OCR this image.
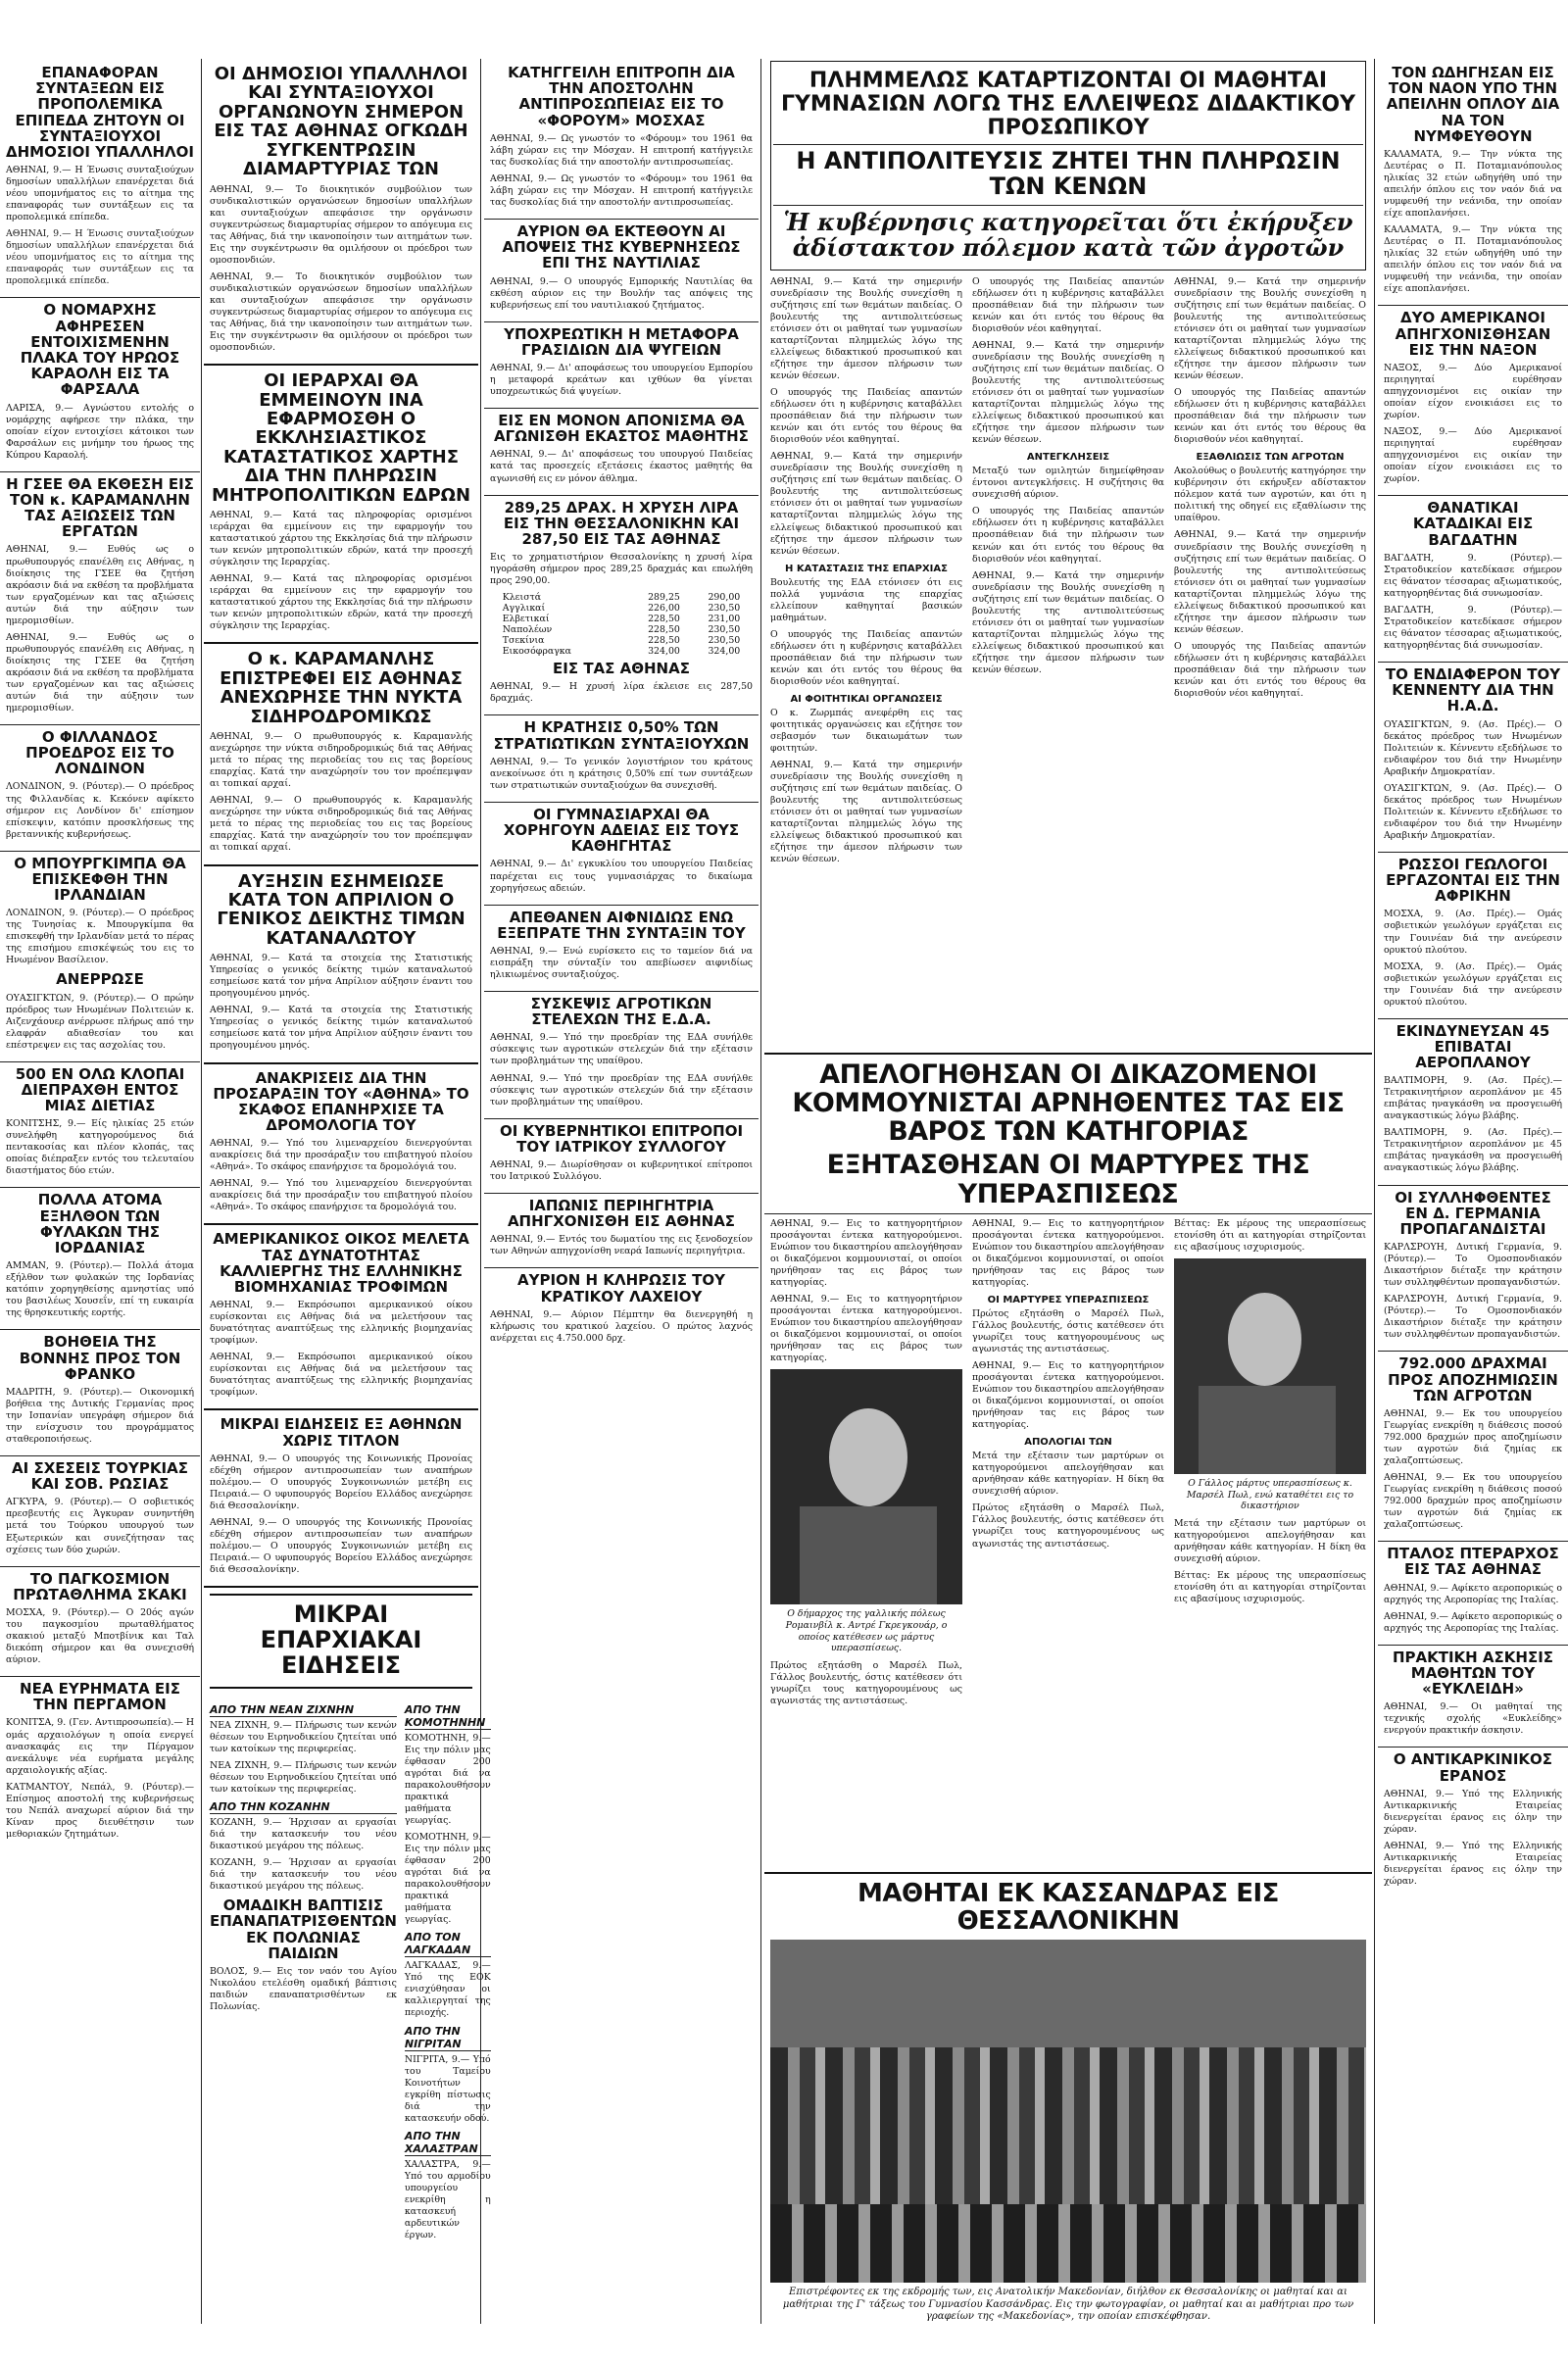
ΕΠΑΝΑΦΟΡΑΝ ΣΥΝΤΑΞΕΩΝ ΕΙΣ ΠΡΟΠΟΛΕΜΙΚΑ ΕΠΙΠΕΔΑ ΖΗΤΟΥΝ ΟΙ ΣΥΝΤΑΞΙΟΥΧΟΙ ΔΗΜΟΣΙΟΙ ΥΠΑΛΛΗΛΟΙ

ΑΘΗΝΑΙ, 9.— Η Ένωσις συνταξιούχων δημοσίων υπαλλήλων επανέρχεται διά νέου υπομνήματος εις το αίτημα της επαναφοράς των συντάξεων εις τα προπολεμικά επίπεδα.

ΑΘΗΝΑΙ, 9.— Η Ένωσις συνταξιούχων δημοσίων υπαλλήλων επανέρχεται διά νέου υπομνήματος εις το αίτημα της επαναφοράς των συντάξεων εις τα προπολεμικά επίπεδα.

Ο ΝΟΜΑΡΧΗΣ ΑΦΗΡΕΣΕΝ ΕΝΤΟΙΧΙΣΜΕΝΗΝ ΠΛΑΚΑ ΤΟΥ ΗΡΩΟΣ ΚΑΡΑΟΛΗ ΕΙΣ ΤΑ ΦΑΡΣΑΛΑ

ΛΑΡΙΣΑ, 9.— Αγνώστου εντολής ο νομάρχης αφήρεσε την πλάκα, την οποίαν είχον εντοιχίσει κάτοικοι των Φαρσάλων εις μνήμην του ήρωος της Κύπρου Καραολή.

Η ΓΣΕΕ ΘΑ ΕΚΘΕΣΗ ΕΙΣ ΤΟΝ κ. ΚΑΡΑΜΑΝΛΗΝ ΤΑΣ ΑΞΙΩΣΕΙΣ ΤΩΝ ΕΡΓΑΤΩΝ

ΑΘΗΝΑΙ, 9.— Ευθύς ως ο πρωθυπουργός επανέλθη εις Αθήνας, η διοίκησις της ΓΣΕΕ θα ζητήση ακρόασιν διά να εκθέση τα προβλήματα των εργαζομένων και τας αξιώσεις αυτών διά την αύξησιν των ημερομισθίων.

ΑΘΗΝΑΙ, 9.— Ευθύς ως ο πρωθυπουργός επανέλθη εις Αθήνας, η διοίκησις της ΓΣΕΕ θα ζητήση ακρόασιν διά να εκθέση τα προβλήματα των εργαζομένων και τας αξιώσεις αυτών διά την αύξησιν των ημερομισθίων.

Ο ΦΙΛΛΑΝΔΟΣ ΠΡΟΕΔΡΟΣ ΕΙΣ ΤΟ ΛΟΝΔΙΝΟΝ

ΛΟΝΔΙΝΟΝ, 9. (Ρόυτερ).— Ο πρόεδρος της Φιλλανδίας κ. Κεκόνεν αφίκετο σήμερον εις Λονδίνον δι' επίσημον επίσκεψιν, κατόπιν προσκλήσεως της βρεταννικής κυβερνήσεως.

Ο ΜΠΟΥΡΓΚΙΜΠΑ ΘΑ ΕΠΙΣΚΕΦΘΗ ΤΗΝ ΙΡΛΑΝΔΙΑΝ

ΛΟΝΔΙΝΟΝ, 9. (Ρόυτερ).— Ο πρόεδρος της Τυνησίας κ. Μπουργκίμπα θα επισκεφθή την Ιρλανδίαν μετά το πέρας της επισήμου επισκέψεώς του εις το Ηνωμένον Βασίλειον.

ΑΝΕΡΡΩΣΕ

ΟΥΑΣΙΓΚΤΩΝ, 9. (Ρόυτερ).— Ο πρώην πρόεδρος των Ηνωμένων Πολιτειών κ. Αιζενχάουερ ανέρρωσε πλήρως από την ελαφράν αδιαθεσίαν του και επέστρεψεν εις τας ασχολίας του.

500 ΕΝ ΟΛΩ ΚΛΟΠΑΙ ΔΙΕΠΡΑΧΘΗ ΕΝΤΟΣ ΜΙΑΣ ΔΙΕΤΙΑΣ

ΚΟΝΙΤΣΗΣ, 9.— Είς ηλικίας 25 ετών συνελήφθη κατηγορούμενος διά πεντακοσίας και πλέον κλοπάς, τας οποίας διέπραξεν εντός του τελευταίου διαστήματος δύο ετών.

ΠΟΛΛΑ ΑΤΟΜΑ ΕΞΗΛΘΟΝ ΤΩΝ ΦΥΛΑΚΩΝ ΤΗΣ ΙΟΡΔΑΝΙΑΣ

ΑΜΜΑΝ, 9. (Ρόυτερ).— Πολλά άτομα εξήλθον των φυλακών της Ιορδανίας κατόπιν χορηγηθείσης αμνηστίας υπό του βασιλέως Χουσεΐν, επί τη ευκαιρία της θρησκευτικής εορτής.

ΒΟΗΘΕΙΑ ΤΗΣ ΒΟΝΝΗΣ ΠΡΟΣ ΤΟΝ ΦΡΑΝΚΟ

ΜΑΔΡΙΤΗ, 9. (Ρόυτερ).— Οικονομική βοήθεια της Δυτικής Γερμανίας προς την Ισπανίαν υπεγράφη σήμερον διά την ενίσχυσιν του προγράμματος σταθεροποιήσεως.

ΑΙ ΣΧΕΣΕΙΣ ΤΟΥΡΚΙΑΣ ΚΑΙ ΣΟΒ. ΡΩΣΙΑΣ

ΑΓΚΥΡΑ, 9. (Ρόυτερ).— Ο σοβιετικός πρεσβευτής εις Άγκυραν συνηντήθη μετά του Τούρκου υπουργού των Εξωτερικών και συνεζήτησαν τας σχέσεις των δύο χωρών.

ΤΟ ΠΑΓΚΟΣΜΙΟΝ ΠΡΩΤΑΘΛΗΜΑ ΣΚΑΚΙ

ΜΟΣΧΑ, 9. (Ρόυτερ).— Ο 20ός αγών του παγκοσμίου πρωταθλήματος σκακιού μεταξύ Μποτβίνικ και Ταλ διεκόπη σήμερον και θα συνεχισθή αύριον.

ΝΕΑ ΕΥΡΗΜΑΤΑ ΕΙΣ ΤΗΝ ΠΕΡΓΑΜΟΝ

ΚΟΝΙΤΣΑ, 9. (Γεν. Αντιπροσωπεία).— Η ομάς αρχαιολόγων η οποία ενεργεί ανασκαφάς εις την Πέργαμον ανεκάλυψε νέα ευρήματα μεγάλης αρχαιολογικής αξίας.

ΚΑΤΜΑΝΤΟΥ, Νεπάλ, 9. (Ρόυτερ).— Επίσημος αποστολή της κυβερνήσεως του Νεπάλ αναχωρεί αύριον διά την Κίναν προς διευθέτησιν των μεθοριακών ζητημάτων.

ΟΙ ΔΗΜΟΣΙΟΙ ΥΠΑΛΛΗΛΟΙ ΚΑΙ ΣΥΝΤΑΞΙΟΥΧΟΙ ΟΡΓΑΝΩΝΟΥΝ ΣΗΜΕΡΟΝ ΕΙΣ ΤΑΣ ΑΘΗΝΑΣ ΟΓΚΩΔΗ ΣΥΓΚΕΝΤΡΩΣΙΝ ΔΙΑΜΑΡΤΥΡΙΑΣ ΤΩΝ

ΑΘΗΝΑΙ, 9.— Το διοικητικόν συμβούλιον των συνδικαλιστικών οργανώσεων δημοσίων υπαλλήλων και συνταξιούχων απεφάσισε την οργάνωσιν συγκεντρώσεως διαμαρτυρίας σήμερον το απόγευμα εις τας Αθήνας, διά την ικανοποίησιν των αιτημάτων των. Εις την συγκέντρωσιν θα ομιλήσουν οι πρόεδροι των ομοσπονδιών.

ΑΘΗΝΑΙ, 9.— Το διοικητικόν συμβούλιον των συνδικαλιστικών οργανώσεων δημοσίων υπαλλήλων και συνταξιούχων απεφάσισε την οργάνωσιν συγκεντρώσεως διαμαρτυρίας σήμερον το απόγευμα εις τας Αθήνας, διά την ικανοποίησιν των αιτημάτων των. Εις την συγκέντρωσιν θα ομιλήσουν οι πρόεδροι των ομοσπονδιών.

ΟΙ ΙΕΡΑΡΧΑΙ ΘΑ ΕΜΜΕΙΝΟΥΝ ΙΝΑ ΕΦΑΡΜΟΣΘΗ Ο ΕΚΚΛΗΣΙΑΣΤΙΚΟΣ ΚΑΤΑΣΤΑΤΙΚΟΣ ΧΑΡΤΗΣ ΔΙΑ ΤΗΝ ΠΛΗΡΩΣΙΝ ΜΗΤΡΟΠΟΛΙΤΙΚΩΝ ΕΔΡΩΝ

ΑΘΗΝΑΙ, 9.— Κατά τας πληροφορίας ορισμένοι ιεράρχαι θα εμμείνουν εις την εφαρμογήν του καταστατικού χάρτου της Εκκλησίας διά την πλήρωσιν των κενών μητροπολιτικών εδρών, κατά την προσεχή σύγκλησιν της Ιεραρχίας.

ΑΘΗΝΑΙ, 9.— Κατά τας πληροφορίας ορισμένοι ιεράρχαι θα εμμείνουν εις την εφαρμογήν του καταστατικού χάρτου της Εκκλησίας διά την πλήρωσιν των κενών μητροπολιτικών εδρών, κατά την προσεχή σύγκλησιν της Ιεραρχίας.

Ο κ. ΚΑΡΑΜΑΝΛΗΣ ΕΠΙΣΤΡΕΦΕΙ ΕΙΣ ΑΘΗΝΑΣ ΑΝΕΧΩΡΗΣΕ ΤΗΝ ΝΥΚΤΑ ΣΙΔΗΡΟΔΡΟΜΙΚΩΣ

ΑΘΗΝΑΙ, 9.— Ο πρωθυπουργός κ. Καραμανλής ανεχώρησε την νύκτα σιδηροδρομικώς διά τας Αθήνας μετά το πέρας της περιοδείας του εις τας βορείους επαρχίας. Κατά την αναχώρησίν του τον προέπεμψαν αι τοπικαί αρχαί.

ΑΘΗΝΑΙ, 9.— Ο πρωθυπουργός κ. Καραμανλής ανεχώρησε την νύκτα σιδηροδρομικώς διά τας Αθήνας μετά το πέρας της περιοδείας του εις τας βορείους επαρχίας. Κατά την αναχώρησίν του τον προέπεμψαν αι τοπικαί αρχαί.

ΑΥΞΗΣΙΝ ΕΣΗΜΕΙΩΣΕ ΚΑΤΑ ΤΟΝ ΑΠΡΙΛΙΟΝ Ο ΓΕΝΙΚΟΣ ΔΕΙΚΤΗΣ ΤΙΜΩΝ ΚΑΤΑΝΑΛΩΤΟΥ

ΑΘΗΝΑΙ, 9.— Κατά τα στοιχεία της Στατιστικής Υπηρεσίας ο γενικός δείκτης τιμών καταναλωτού εσημείωσε κατά τον μήνα Απρίλιον αύξησιν έναντι του προηγουμένου μηνός.

ΑΘΗΝΑΙ, 9.— Κατά τα στοιχεία της Στατιστικής Υπηρεσίας ο γενικός δείκτης τιμών καταναλωτού εσημείωσε κατά τον μήνα Απρίλιον αύξησιν έναντι του προηγουμένου μηνός.

ΑΝΑΚΡΙΣΕΙΣ ΔΙΑ ΤΗΝ ΠΡΟΣΑΡΑΞΙΝ ΤΟΥ «ΑΘΗΝΑ» ΤΟ ΣΚΑΦΟΣ ΕΠΑΝΗΡΧΙΣΕ ΤΑ ΔΡΟΜΟΛΟΓΙΑ ΤΟΥ

ΑΘΗΝΑΙ, 9.— Υπό του λιμεναρχείου διενεργούνται ανακρίσεις διά την προσάραξιν του επιβατηγού πλοίου «Αθηνά». Το σκάφος επανήρχισε τα δρομολόγιά του.

ΑΘΗΝΑΙ, 9.— Υπό του λιμεναρχείου διενεργούνται ανακρίσεις διά την προσάραξιν του επιβατηγού πλοίου «Αθηνά». Το σκάφος επανήρχισε τα δρομολόγιά του.

ΑΜΕΡΙΚΑΝΙΚΟΣ ΟΙΚΟΣ ΜΕΛΕΤΑ ΤΑΣ ΔΥΝΑΤΟΤΗΤΑΣ ΚΑΛΛΙΕΡΓΗΣ ΤΗΣ ΕΛΛΗΝΙΚΗΣ ΒΙΟΜΗΧΑΝΙΑΣ ΤΡΟΦΙΜΩΝ

ΑΘΗΝΑΙ, 9.— Εκπρόσωποι αμερικανικού οίκου ευρίσκονται εις Αθήνας διά να μελετήσουν τας δυνατότητας αναπτύξεως της ελληνικής βιομηχανίας τροφίμων.

ΑΘΗΝΑΙ, 9.— Εκπρόσωποι αμερικανικού οίκου ευρίσκονται εις Αθήνας διά να μελετήσουν τας δυνατότητας αναπτύξεως της ελληνικής βιομηχανίας τροφίμων.

ΜΙΚΡΑΙ ΕΙΔΗΣΕΙΣ ΕΞ ΑΘΗΝΩΝ ΧΩΡΙΣ ΤΙΤΛΟΝ

ΑΘΗΝΑΙ, 9.— Ο υπουργός της Κοινωνικής Προνοίας εδέχθη σήμερον αντιπροσωπείαν των αναπήρων πολέμου.— Ο υπουργός Συγκοινωνιών μετέβη εις Πειραιά.— Ο υφυπουργός Βορείου Ελλάδος ανεχώρησε διά Θεσσαλονίκην.

ΑΘΗΝΑΙ, 9.— Ο υπουργός της Κοινωνικής Προνοίας εδέχθη σήμερον αντιπροσωπείαν των αναπήρων πολέμου.— Ο υπουργός Συγκοινωνιών μετέβη εις Πειραιά.— Ο υφυπουργός Βορείου Ελλάδος ανεχώρησε διά Θεσσαλονίκην.

ΜΙΚΡΑΙ ΕΠΑΡΧΙΑΚΑΙ ΕΙΔΗΣΕΙΣ
ΑΠΟ ΤΗΝ ΝΕΑΝ ΖΙΧΝΗΝ

ΝΕΑ ΖΙΧΝΗ, 9.— Πλήρωσις των κενών θέσεων του Ειρηνοδικείου ζητείται υπό των κατοίκων της περιφερείας.

ΝΕΑ ΖΙΧΝΗ, 9.— Πλήρωσις των κενών θέσεων του Ειρηνοδικείου ζητείται υπό των κατοίκων της περιφερείας.

ΑΠΟ ΤΗΝ ΚΟΖΑΝΗΝ

ΚΟΖΑΝΗ, 9.— Ήρχισαν αι εργασίαι διά την κατασκευήν του νέου δικαστικού μεγάρου της πόλεως.

ΚΟΖΑΝΗ, 9.— Ήρχισαν αι εργασίαι διά την κατασκευήν του νέου δικαστικού μεγάρου της πόλεως.

ΟΜΑΔΙΚΗ ΒΑΠΤΙΣΙΣ ΕΠΑΝΑΠΑΤΡΙΣΘΕΝΤΩΝ ΕΚ ΠΟΛΩΝΙΑΣ ΠΑΙΔΙΩΝ

ΒΟΛΟΣ, 9.— Εις τον ναόν του Αγίου Νικολάου ετελέσθη ομαδική βάπτισις παιδιών επαναπατρισθέντων εκ Πολωνίας.

ΑΠΟ ΤΗΝ ΚΟΜΟΤΗΝΗΝ

ΚΟΜΟΤΗΝΗ, 9.— Εις την πόλιν μας έφθασαν 200 αγρόται διά να παρακολουθήσουν πρακτικά μαθήματα γεωργίας.

ΚΟΜΟΤΗΝΗ, 9.— Εις την πόλιν μας έφθασαν 200 αγρόται διά να παρακολουθήσουν πρακτικά μαθήματα γεωργίας.

ΑΠΟ ΤΟΝ ΛΑΓΚΑΔΑΝ

ΛΑΓΚΑΔΑΣ, 9.— Υπό της ΕΟΚ ενισχύθησαν οι καλλιεργηταί της περιοχής.

ΑΠΟ ΤΗΝ ΝΙΓΡΙΤΑΝ

ΝΙΓΡΙΤΑ, 9.— Υπό του Ταμείου Κοινοτήτων εγκρίθη πίστωσις διά την κατασκευήν οδού.

ΑΠΟ ΤΗΝ ΧΑΛΑΣΤΡΑΝ

ΧΑΛΑΣΤΡΑ, 9.— Υπό του αρμοδίου υπουργείου ενεκρίθη η κατασκευή αρδευτικών έργων.

ΚΑΤΗΓΓΕΙΛΗ ΕΠΙΤΡΟΠΗ ΔΙΑ ΤΗΝ ΑΠΟΣΤΟΛΗΝ ΑΝΤΙΠΡΟΣΩΠΕΙΑΣ ΕΙΣ ΤΟ «ΦΟΡΟΥΜ» ΜΟΣΧΑΣ

ΑΘΗΝΑΙ, 9.— Ως γνωστόν το «Φόρουμ» του 1961 θα λάβη χώραν εις την Μόσχαν. Η επιτροπή κατήγγειλε τας δυσκολίας διά την αποστολήν αντιπροσωπείας.

ΑΘΗΝΑΙ, 9.— Ως γνωστόν το «Φόρουμ» του 1961 θα λάβη χώραν εις την Μόσχαν. Η επιτροπή κατήγγειλε τας δυσκολίας διά την αποστολήν αντιπροσωπείας.

ΑΥΡΙΟΝ ΘΑ ΕΚΤΕΘΟΥΝ ΑΙ ΑΠΟΨΕΙΣ ΤΗΣ ΚΥΒΕΡΝΗΣΕΩΣ ΕΠΙ ΤΗΣ ΝΑΥΤΙΛΙΑΣ

ΑΘΗΝΑΙ, 9.— Ο υπουργός Εμπορικής Ναυτιλίας θα εκθέση αύριον εις την Βουλήν τας απόψεις της κυβερνήσεως επί του ναυτιλιακού ζητήματος.

ΥΠΟΧΡΕΩΤΙΚΗ Η ΜΕΤΑΦΟΡΑ ΓΡΑΣΙΔΙΩΝ ΔΙΑ ΨΥΓΕΙΩΝ

ΑΘΗΝΑΙ, 9.— Δι' αποφάσεως του υπουργείου Εμπορίου η μεταφορά κρεάτων και ιχθύων θα γίνεται υποχρεωτικώς διά ψυγείων.

ΕΙΣ ΕΝ ΜΟΝΟΝ ΑΠΟΝΙΣΜΑ ΘΑ ΑΓΩΝΙΣΘΗ ΕΚΑΣΤΟΣ ΜΑΘΗΤΗΣ

ΑΘΗΝΑΙ, 9.— Δι' αποφάσεως του υπουργού Παιδείας κατά τας προσεχείς εξετάσεις έκαστος μαθητής θα αγωνισθή εις εν μόνον άθλημα.

289,25 ΔΡΑΧ. Η ΧΡΥΣΗ ΛΙΡΑ ΕΙΣ ΤΗΝ ΘΕΣΣΑΛΟΝΙΚΗΝ ΚΑΙ 287,50 ΕΙΣ ΤΑΣ ΑΘΗΝΑΣ

Εις το χρηματιστήριον Θεσσαλονίκης η χρυσή λίρα ηγοράσθη σήμερον προς 289,25 δραχμάς και επωλήθη προς 290,00.

Κλειστά	289,25	290,00
Αγγλικαί	226,00	230,50
Ελβετικαί	228,50	231,00
Ναπολέων	228,50	230,50
Τσεκίνια	228,50	230,50
Εικοσόφραγκα	324,00	324,00
ΕΙΣ ΤΑΣ ΑΘΗΝΑΣ

ΑΘΗΝΑΙ, 9.— Η χρυσή λίρα έκλεισε εις 287,50 δραχμάς.

Η ΚΡΑΤΗΣΙΣ 0,50% ΤΩΝ ΣΤΡΑΤΙΩΤΙΚΩΝ ΣΥΝΤΑΞΙΟΥΧΩΝ

ΑΘΗΝΑΙ, 9.— Το γενικόν λογιστήριον του κράτους ανεκοίνωσε ότι η κράτησις 0,50% επί των συντάξεων των στρατιωτικών συνταξιούχων θα συνεχισθή.

ΟΙ ΓΥΜΝΑΣΙΑΡΧΑΙ ΘΑ ΧΟΡΗΓΟΥΝ ΑΔΕΙΑΣ ΕΙΣ ΤΟΥΣ ΚΑΘΗΓΗΤΑΣ

ΑΘΗΝΑΙ, 9.— Δι' εγκυκλίου του υπουργείου Παιδείας παρέχεται εις τους γυμνασιάρχας το δικαίωμα χορηγήσεως αδειών.

ΑΠΕΘΑΝΕΝ ΑΙΦΝΙΔΙΩΣ ΕΝΩ ΕΞΕΠΡΑΤΕ ΤΗΝ ΣΥΝΤΑΞΙΝ ΤΟΥ

ΑΘΗΝΑΙ, 9.— Ενώ ευρίσκετο εις το ταμείον διά να εισπράξη την σύνταξίν του απεβίωσεν αιφνιδίως ηλικιωμένος συνταξιούχος.

ΣΥΣΚΕΨΙΣ ΑΓΡΟΤΙΚΩΝ ΣΤΕΛΕΧΩΝ ΤΗΣ Ε.Δ.Α.

ΑΘΗΝΑΙ, 9.— Υπό την προεδρίαν της ΕΔΑ συνήλθε σύσκεψις των αγροτικών στελεχών διά την εξέτασιν των προβλημάτων της υπαίθρου.

ΑΘΗΝΑΙ, 9.— Υπό την προεδρίαν της ΕΔΑ συνήλθε σύσκεψις των αγροτικών στελεχών διά την εξέτασιν των προβλημάτων της υπαίθρου.

ΟΙ ΚΥΒΕΡΝΗΤΙΚΟΙ ΕΠΙΤΡΟΠΟΙ ΤΟΥ ΙΑΤΡΙΚΟΥ ΣΥΛΛΟΓΟΥ

ΑΘΗΝΑΙ, 9.— Διωρίσθησαν οι κυβερνητικοί επίτροποι του Ιατρικού Συλλόγου.

ΙΑΠΩΝΙΣ ΠΕΡΙΗΓΗΤΡΙΑ ΑΠΗΓΧΟΝΙΣΘΗ ΕΙΣ ΑΘΗΝΑΣ

ΑΘΗΝΑΙ, 9.— Εντός του δωματίου της εις ξενοδοχείον των Αθηνών απηγχονίσθη νεαρά Ιαπωνίς περιηγήτρια.

ΑΥΡΙΟΝ Η ΚΛΗΡΩΣΙΣ ΤΟΥ ΚΡΑΤΙΚΟΥ ΛΑΧΕΙΟΥ

ΑΘΗΝΑΙ, 9.— Αύριον Πέμπτην θα διενεργηθή η κλήρωσις του κρατικού λαχείου. Ο πρώτος λαχνός ανέρχεται εις 4.750.000 δρχ.

ΠΛΗΜΜΕΛΩΣ ΚΑΤΑΡΤΙΖΟΝΤΑΙ ΟΙ ΜΑΘΗΤΑΙ ΓΥΜΝΑΣΙΩΝ ΛΟΓΩ ΤΗΣ ΕΛΛΕΙΨΕΩΣ ΔΙΔΑΚΤΙΚΟΥ ΠΡΟΣΩΠΙΚΟΥ
Η ΑΝΤΙΠΟΛΙΤΕΥΣΙΣ ΖΗΤΕΙ ΤΗΝ ΠΛΗΡΩΣΙΝ ΤΩΝ ΚΕΝΩΝ
Ἡ κυβέρνησις κατηγορεῖται ὅτι ἐκήρυξεν ἀδίστακτον πόλεμον κατὰ τῶν ἀγροτῶν

ΑΘΗΝΑΙ, 9.— Κατά την σημερινήν συνεδρίασιν της Βουλής συνεχίσθη η συζήτησις επί των θεμάτων παιδείας. Ο βουλευτής της αντιπολιτεύσεως ετόνισεν ότι οι μαθηταί των γυμνασίων καταρτίζονται πλημμελώς λόγω της ελλείψεως διδακτικού προσωπικού και εζήτησε την άμεσον πλήρωσιν των κενών θέσεων.

Ο υπουργός της Παιδείας απαντών εδήλωσεν ότι η κυβέρνησις καταβάλλει προσπάθειαν διά την πλήρωσιν των κενών και ότι εντός του θέρους θα διορισθούν νέοι καθηγηταί.

ΑΘΗΝΑΙ, 9.— Κατά την σημερινήν συνεδρίασιν της Βουλής συνεχίσθη η συζήτησις επί των θεμάτων παιδείας. Ο βουλευτής της αντιπολιτεύσεως ετόνισεν ότι οι μαθηταί των γυμνασίων καταρτίζονται πλημμελώς λόγω της ελλείψεως διδακτικού προσωπικού και εζήτησε την άμεσον πλήρωσιν των κενών θέσεων.

Η ΚΑΤΑΣΤΑΣΙΣ ΤΗΣ ΕΠΑΡΧΙΑΣ

Βουλευτής της ΕΔΑ ετόνισεν ότι εις πολλά γυμνάσια της επαρχίας ελλείπουν καθηγηταί βασικών μαθημάτων.

Ο υπουργός της Παιδείας απαντών εδήλωσεν ότι η κυβέρνησις καταβάλλει προσπάθειαν διά την πλήρωσιν των κενών και ότι εντός του θέρους θα διορισθούν νέοι καθηγηταί.

ΑΙ ΦΟΙΤΗΤΙΚΑΙ ΟΡΓΑΝΩΣΕΙΣ

Ο κ. Ζωρμπάς ανεφέρθη εις τας φοιτητικάς οργανώσεις και εζήτησε τον σεβασμόν των δικαιωμάτων των φοιτητών.

ΑΘΗΝΑΙ, 9.— Κατά την σημερινήν συνεδρίασιν της Βουλής συνεχίσθη η συζήτησις επί των θεμάτων παιδείας. Ο βουλευτής της αντιπολιτεύσεως ετόνισεν ότι οι μαθηταί των γυμνασίων καταρτίζονται πλημμελώς λόγω της ελλείψεως διδακτικού προσωπικού και εζήτησε την άμεσον πλήρωσιν των κενών θέσεων.

Ο υπουργός της Παιδείας απαντών εδήλωσεν ότι η κυβέρνησις καταβάλλει προσπάθειαν διά την πλήρωσιν των κενών και ότι εντός του θέρους θα διορισθούν νέοι καθηγηταί.

ΑΘΗΝΑΙ, 9.— Κατά την σημερινήν συνεδρίασιν της Βουλής συνεχίσθη η συζήτησις επί των θεμάτων παιδείας. Ο βουλευτής της αντιπολιτεύσεως ετόνισεν ότι οι μαθηταί των γυμνασίων καταρτίζονται πλημμελώς λόγω της ελλείψεως διδακτικού προσωπικού και εζήτησε την άμεσον πλήρωσιν των κενών θέσεων.

ΑΝΤΕΓΚΛΗΣΕΙΣ

Μεταξύ των ομιλητών διημείφθησαν έντονοι αντεγκλήσεις. Η συζήτησις θα συνεχισθή αύριον.

Ο υπουργός της Παιδείας απαντών εδήλωσεν ότι η κυβέρνησις καταβάλλει προσπάθειαν διά την πλήρωσιν των κενών και ότι εντός του θέρους θα διορισθούν νέοι καθηγηταί.

ΑΘΗΝΑΙ, 9.— Κατά την σημερινήν συνεδρίασιν της Βουλής συνεχίσθη η συζήτησις επί των θεμάτων παιδείας. Ο βουλευτής της αντιπολιτεύσεως ετόνισεν ότι οι μαθηταί των γυμνασίων καταρτίζονται πλημμελώς λόγω της ελλείψεως διδακτικού προσωπικού και εζήτησε την άμεσον πλήρωσιν των κενών θέσεων.

ΑΘΗΝΑΙ, 9.— Κατά την σημερινήν συνεδρίασιν της Βουλής συνεχίσθη η συζήτησις επί των θεμάτων παιδείας. Ο βουλευτής της αντιπολιτεύσεως ετόνισεν ότι οι μαθηταί των γυμνασίων καταρτίζονται πλημμελώς λόγω της ελλείψεως διδακτικού προσωπικού και εζήτησε την άμεσον πλήρωσιν των κενών θέσεων.

Ο υπουργός της Παιδείας απαντών εδήλωσεν ότι η κυβέρνησις καταβάλλει προσπάθειαν διά την πλήρωσιν των κενών και ότι εντός του θέρους θα διορισθούν νέοι καθηγηταί.

ΕΞΑΘΛΙΩΣΙΣ ΤΩΝ ΑΓΡΟΤΩΝ

Ακολούθως ο βουλευτής κατηγόρησε την κυβέρνησιν ότι εκήρυξεν αδίστακτον πόλεμον κατά των αγροτών, και ότι η πολιτική της οδηγεί εις εξαθλίωσιν της υπαίθρου.

ΑΘΗΝΑΙ, 9.— Κατά την σημερινήν συνεδρίασιν της Βουλής συνεχίσθη η συζήτησις επί των θεμάτων παιδείας. Ο βουλευτής της αντιπολιτεύσεως ετόνισεν ότι οι μαθηταί των γυμνασίων καταρτίζονται πλημμελώς λόγω της ελλείψεως διδακτικού προσωπικού και εζήτησε την άμεσον πλήρωσιν των κενών θέσεων.

Ο υπουργός της Παιδείας απαντών εδήλωσεν ότι η κυβέρνησις καταβάλλει προσπάθειαν διά την πλήρωσιν των κενών και ότι εντός του θέρους θα διορισθούν νέοι καθηγηταί.

ΑΠΕΛΟΓΗΘΗΣΑΝ ΟΙ ΔΙΚΑΖΟΜΕΝΟΙ ΚΟΜΜΟΥΝΙΣΤΑΙ ΑΡΝΗΘΕΝΤΕΣ ΤΑΣ ΕΙΣ ΒΑΡΟΣ ΤΩΝ ΚΑΤΗΓΟΡΙΑΣ
ΕΞΗΤΑΣΘΗΣΑΝ ΟΙ ΜΑΡΤΥΡΕΣ ΤΗΣ ΥΠΕΡΑΣΠΙΣΕΩΣ

ΑΘΗΝΑΙ, 9.— Εις το κατηγορητήριον προσάγονται έντεκα κατηγορούμενοι. Ενώπιον του δικαστηρίου απελογήθησαν οι δικαζόμενοι κομμουνισταί, οι οποίοι ηρνήθησαν τας εις βάρος των κατηγορίας.

ΑΘΗΝΑΙ, 9.— Εις το κατηγορητήριον προσάγονται έντεκα κατηγορούμενοι. Ενώπιον του δικαστηρίου απελογήθησαν οι δικαζόμενοι κομμουνισταί, οι οποίοι ηρνήθησαν τας εις βάρος των κατηγορίας.

Ο δήμαρχος της γαλλικής πόλεως Ρομαινβίλ κ. Αντρέ Γκρεγκουάρ, ο οποίος κατέθεσεν ως μάρτυς υπερασπίσεως.

Πρώτος εξητάσθη ο Μαρσέλ Πωλ, Γάλλος βουλευτής, όστις κατέθεσεν ότι γνωρίζει τους κατηγορουμένους ως αγωνιστάς της αντιστάσεως.

ΑΘΗΝΑΙ, 9.— Εις το κατηγορητήριον προσάγονται έντεκα κατηγορούμενοι. Ενώπιον του δικαστηρίου απελογήθησαν οι δικαζόμενοι κομμουνισταί, οι οποίοι ηρνήθησαν τας εις βάρος των κατηγορίας.

ΟΙ ΜΑΡΤΥΡΕΣ ΥΠΕΡΑΣΠΙΣΕΩΣ

Πρώτος εξητάσθη ο Μαρσέλ Πωλ, Γάλλος βουλευτής, όστις κατέθεσεν ότι γνωρίζει τους κατηγορουμένους ως αγωνιστάς της αντιστάσεως.

ΑΘΗΝΑΙ, 9.— Εις το κατηγορητήριον προσάγονται έντεκα κατηγορούμενοι. Ενώπιον του δικαστηρίου απελογήθησαν οι δικαζόμενοι κομμουνισταί, οι οποίοι ηρνήθησαν τας εις βάρος των κατηγορίας.

ΑΠΟΛΟΓΙΑΙ ΤΩΝ

Μετά την εξέτασιν των μαρτύρων οι κατηγορούμενοι απελογήθησαν και αρνήθησαν κάθε κατηγορίαν. Η δίκη θα συνεχισθή αύριον.

Πρώτος εξητάσθη ο Μαρσέλ Πωλ, Γάλλος βουλευτής, όστις κατέθεσεν ότι γνωρίζει τους κατηγορουμένους ως αγωνιστάς της αντιστάσεως.

Βέττας: Εκ μέρους της υπερασπίσεως ετονίσθη ότι αι κατηγορίαι στηρίζονται εις αβασίμους ισχυρισμούς.

Ο Γάλλος μάρτυς υπερασπίσεως κ. Μαρσέλ Πωλ, ενώ καταθέτει εις το δικαστήριον

Μετά την εξέτασιν των μαρτύρων οι κατηγορούμενοι απελογήθησαν και αρνήθησαν κάθε κατηγορίαν. Η δίκη θα συνεχισθή αύριον.

Βέττας: Εκ μέρους της υπερασπίσεως ετονίσθη ότι αι κατηγορίαι στηρίζονται εις αβασίμους ισχυρισμούς.

ΜΑΘΗΤΑΙ ΕΚ ΚΑΣΣΑΝΔΡΑΣ ΕΙΣ ΘΕΣΣΑΛΟΝΙΚΗΝ

Επιστρέφοντες εκ της εκδρομής των, εις Ανατολικήν Μακεδονίαν, διήλθον εκ Θεσσαλονίκης οι μαθηταί και αι μαθήτριαι της Γ' τάξεως του Γυμνασίου Κασσάνδρας. Εις την φωτογραφίαν, οι μαθηταί και αι μαθήτριαι προ των γραφείων της «Μακεδονίας», την οποίαν επισκέφθησαν.

ΤΟΝ ΩΔΗΓΗΣΑΝ ΕΙΣ ΤΟΝ ΝΑΟΝ ΥΠΟ ΤΗΝ ΑΠΕΙΛΗΝ ΟΠΛΟΥ ΔΙΑ ΝΑ ΤΟΝ ΝΥΜΦΕΥΘΟΥΝ

ΚΑΛΑΜΑΤΑ, 9.— Την νύκτα της Δευτέρας ο Π. Ποταμιανόπουλος ηλικίας 32 ετών ωδηγήθη υπό την απειλήν όπλου εις τον ναόν διά να νυμφευθή την νεάνιδα, την οποίαν είχε αποπλανήσει.

ΚΑΛΑΜΑΤΑ, 9.— Την νύκτα της Δευτέρας ο Π. Ποταμιανόπουλος ηλικίας 32 ετών ωδηγήθη υπό την απειλήν όπλου εις τον ναόν διά να νυμφευθή την νεάνιδα, την οποίαν είχε αποπλανήσει.

ΔΥΟ ΑΜΕΡΙΚΑΝΟΙ ΑΠΗΓΧΟΝΙΣΘΗΣΑΝ ΕΙΣ ΤΗΝ ΝΑΞΟΝ

ΝΑΞΟΣ, 9.— Δύο Αμερικανοί περιηγηταί ευρέθησαν απηγχονισμένοι εις οικίαν την οποίαν είχον ενοικιάσει εις το χωρίον.

ΝΑΞΟΣ, 9.— Δύο Αμερικανοί περιηγηταί ευρέθησαν απηγχονισμένοι εις οικίαν την οποίαν είχον ενοικιάσει εις το χωρίον.

ΘΑΝΑΤΙΚΑΙ ΚΑΤΑΔΙΚΑΙ ΕΙΣ ΒΑΓΔΑΤΗΝ

ΒΑΓΔΑΤΗ, 9. (Ρόυτερ).— Στρατοδικείον κατεδίκασε σήμερον εις θάνατον τέσσαρας αξιωματικούς, κατηγορηθέντας διά συνωμοσίαν.

ΒΑΓΔΑΤΗ, 9. (Ρόυτερ).— Στρατοδικείον κατεδίκασε σήμερον εις θάνατον τέσσαρας αξιωματικούς, κατηγορηθέντας διά συνωμοσίαν.

ΤΟ ΕΝΔΙΑΦΕΡΟΝ ΤΟΥ ΚΕΝΝΕΝΤΥ ΔΙΑ ΤΗΝ Η.Α.Δ.

ΟΥΑΣΙΓΚΤΩΝ, 9. (Ασ. Πρές).— Ο δεκάτος πρόεδρος των Ηνωμένων Πολιτειών κ. Κέννεντυ εξεδήλωσε το ενδιαφέρον του διά την Ηνωμένην Αραβικήν Δημοκρατίαν.

ΟΥΑΣΙΓΚΤΩΝ, 9. (Ασ. Πρές).— Ο δεκάτος πρόεδρος των Ηνωμένων Πολιτειών κ. Κέννεντυ εξεδήλωσε το ενδιαφέρον του διά την Ηνωμένην Αραβικήν Δημοκρατίαν.

ΡΩΣΣΟΙ ΓΕΩΛΟΓΟΙ ΕΡΓΑΖΟΝΤΑΙ ΕΙΣ ΤΗΝ ΑΦΡΙΚΗΝ

ΜΟΣΧΑ, 9. (Ασ. Πρές).— Ομάς σοβιετικών γεωλόγων εργάζεται εις την Γουινέαν διά την ανεύρεσιν ορυκτού πλούτου.

ΜΟΣΧΑ, 9. (Ασ. Πρές).— Ομάς σοβιετικών γεωλόγων εργάζεται εις την Γουινέαν διά την ανεύρεσιν ορυκτού πλούτου.

ΕΚΙΝΔΥΝΕΥΣΑΝ 45 ΕΠΙΒΑΤΑΙ ΑΕΡΟΠΛΑΝΟΥ

ΒΑΛΤΙΜΟΡΗ, 9. (Ασ. Πρές).— Τετρακινητήριον αεροπλάνον με 45 επιβάτας ηναγκάσθη να προσγειωθή αναγκαστικώς λόγω βλάβης.

ΒΑΛΤΙΜΟΡΗ, 9. (Ασ. Πρές).— Τετρακινητήριον αεροπλάνον με 45 επιβάτας ηναγκάσθη να προσγειωθή αναγκαστικώς λόγω βλάβης.

ΟΙ ΣΥΛΛΗΦΘΕΝΤΕΣ ΕΝ Δ. ΓΕΡΜΑΝΙΑ ΠΡΟΠΑΓΑΝΔΙΣΤΑΙ

ΚΑΡΛΣΡΟΥΗ, Δυτική Γερμανία, 9. (Ρόυτερ).— Το Ομοσπονδιακόν Δικαστήριον διέταξε την κράτησιν των συλληφθέντων προπαγανδιστών.

ΚΑΡΛΣΡΟΥΗ, Δυτική Γερμανία, 9. (Ρόυτερ).— Το Ομοσπονδιακόν Δικαστήριον διέταξε την κράτησιν των συλληφθέντων προπαγανδιστών.

792.000 ΔΡΑΧΜΑΙ ΠΡΟΣ ΑΠΟΖΗΜΙΩΣΙΝ ΤΩΝ ΑΓΡΟΤΩΝ

ΑΘΗΝΑΙ, 9.— Εκ του υπουργείου Γεωργίας ενεκρίθη η διάθεσις ποσού 792.000 δραχμών προς αποζημίωσιν των αγροτών διά ζημίας εκ χαλαζοπτώσεως.

ΑΘΗΝΑΙ, 9.— Εκ του υπουργείου Γεωργίας ενεκρίθη η διάθεσις ποσού 792.000 δραχμών προς αποζημίωσιν των αγροτών διά ζημίας εκ χαλαζοπτώσεως.

ΠΤΑΛΟΣ ΠΤΕΡΑΡΧΟΣ ΕΙΣ ΤΑΣ ΑΘΗΝΑΣ

ΑΘΗΝΑΙ, 9.— Αφίκετο αεροπορικώς ο αρχηγός της Αεροπορίας της Ιταλίας.

ΑΘΗΝΑΙ, 9.— Αφίκετο αεροπορικώς ο αρχηγός της Αεροπορίας της Ιταλίας.

ΠΡΑΚΤΙΚΗ ΑΣΚΗΣΙΣ ΜΑΘΗΤΩΝ ΤΟΥ «ΕΥΚΛΕΙΔΗ»

ΑΘΗΝΑΙ, 9.— Οι μαθηταί της τεχνικής σχολής «Ευκλείδης» ενεργούν πρακτικήν άσκησιν.

Ο ΑΝΤΙΚΑΡΚΙΝΙΚΟΣ ΕΡΑΝΟΣ

ΑΘΗΝΑΙ, 9.— Υπό της Ελληνικής Αντικαρκινικής Εταιρείας διενεργείται έρανος εις όλην την χώραν.

ΑΘΗΝΑΙ, 9.— Υπό της Ελληνικής Αντικαρκινικής Εταιρείας διενεργείται έρανος εις όλην την χώραν.
